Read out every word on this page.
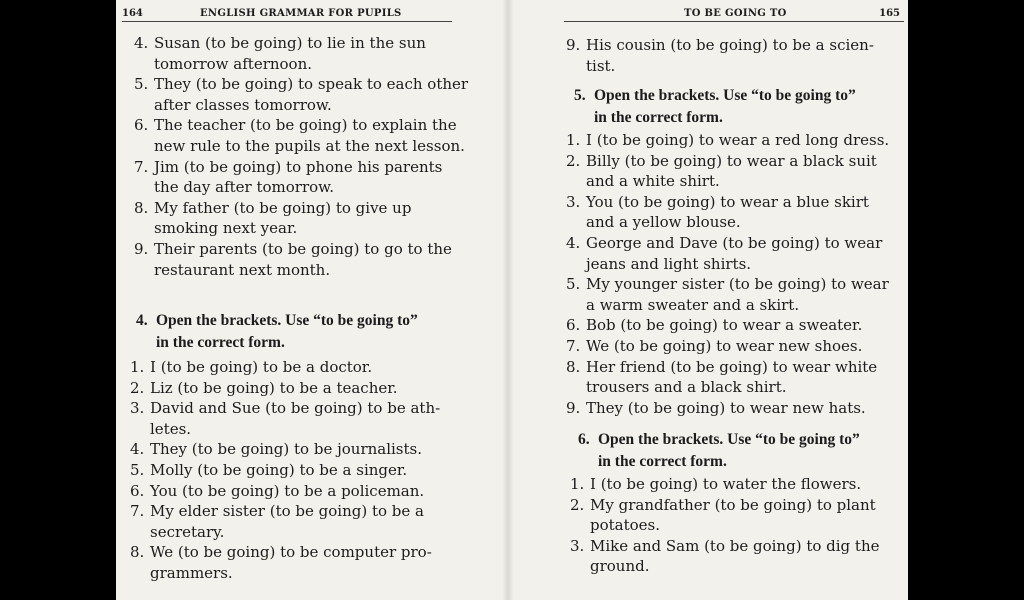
164	ENGLISH GRAMMAR FOR PUPILS
4. Susan (to be going) to lie in the sun tomorrow afternoon.
5. They (to be going) to speak to each other after classes tomorrow.
6. The teacher (to be going) to explain the new rule to the pupils at the next lesson.
7. Jim (to be going) to phone his parents the day after tomorrow.
8. My father (to be going) to give up smoking next year.
9. Their parents (to be going) to go to the restaurant next month.
4. Open the brackets. Use “to be going to”
in the correct form.
1. I (to be going) to be a doctor.
2. Liz (to be going) to be a teacher.
3. David and Sue (to be going) to be athletes.
4. They (to be going) to be journalists.
5. Molly (to be going) to be a singer.
6. You (to be going) to be a policeman.
7. My elder sister (to be going) to be a secretary.
8. We (to be going) to be computer programmers.
TO BE GOING TO	165
9. His cousin (to be going) to be a scientist.
5. Open the brackets. Use “to be going to”
in the correct form.
1. I (to be going) to wear a red long dress.
2. Billy (to be going) to wear a black suit and a white shirt.
3. You (to be going) to wear a blue skirt and a yellow blouse.
4. George and Dave (to be going) to wear jeans and light shirts.
5. My younger sister (to be going) to wear a warm sweater and a skirt.
6. Bob (to be going) to wear a sweater.
7. We (to be going) to wear new shoes.
8. Her friend (to be going) to wear white trousers and a black shirt.
9. They (to be going) to wear new hats.
6. Open the brackets. Use “to be going to”
in the correct form.
1. I (to be going) to water the flowers.
2. My grandfather (to be going) to plant potatoes.
3. Mike and Sam (to be going) to dig the ground.
